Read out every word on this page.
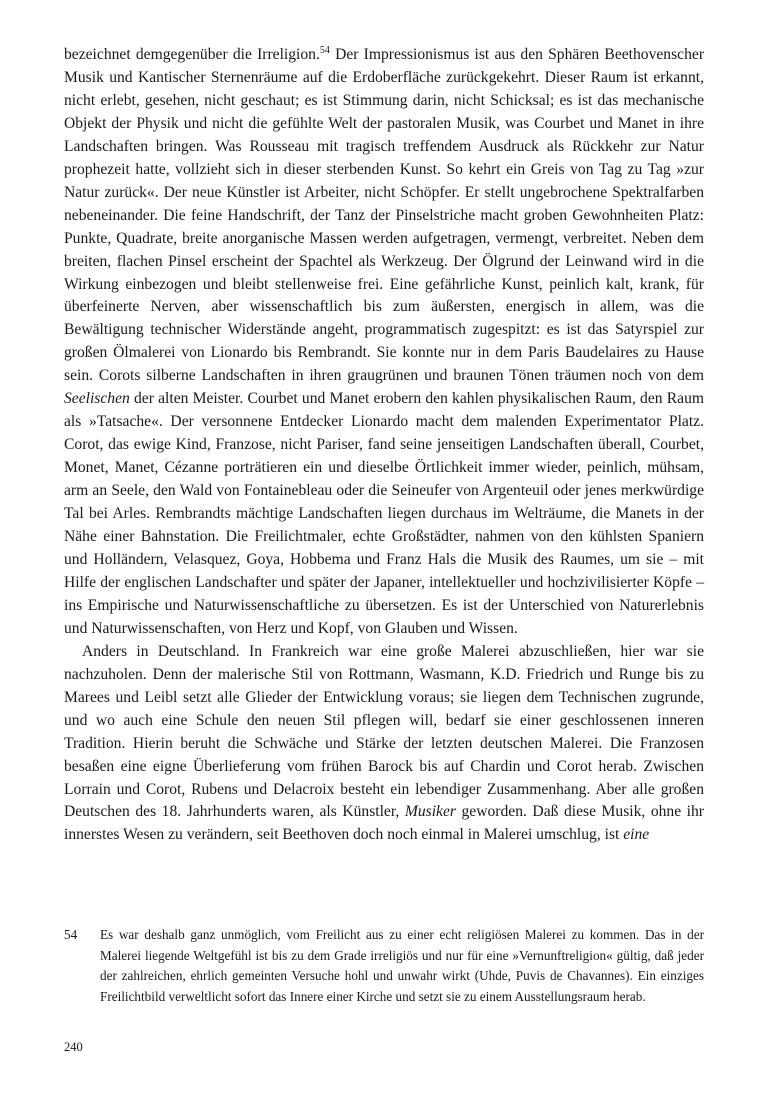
bezeichnet demgegenüber die Irreligion.$^{54}$ Der Impressionismus ist aus den Sphären Beethovenscher Musik und Kantischer Sternenräume auf die Erdoberfläche zurückgekehrt. Dieser Raum ist erkannt, nicht erlebt, gesehen, nicht geschaut; es ist Stimmung darin, nicht Schicksal; es ist das mechanische Objekt der Physik und nicht die gefühlte Welt der pastoralen Musik, was Courbet und Manet in ihre Landschaften bringen. Was Rousseau mit tragisch treffendem Ausdruck als Rückkehr zur Natur prophezeit hatte, vollzieht sich in dieser sterbenden Kunst. So kehrt ein Greis von Tag zu Tag »zur Natur zurück«. Der neue Künstler ist Arbeiter, nicht Schöpfer. Er stellt ungebrochene Spektralfarben nebeneinander. Die feine Handschrift, der Tanz der Pinselstriche macht groben Gewohnheiten Platz: Punkte, Quadrate, breite anorganische Massen werden aufgetragen, vermengt, verbreitet. Neben dem breiten, flachen Pinsel erscheint der Spachtel als Werkzeug. Der Ölgrund der Leinwand wird in die Wirkung einbezogen und bleibt stellenweise frei. Eine gefährliche Kunst, peinlich kalt, krank, für überfeinerte Nerven, aber wissenschaftlich bis zum äußersten, energisch in allem, was die Bewältigung technischer Widerstände angeht, programmatisch zugespitzt: es ist das Satyrspiel zur großen Ölmalerei von Lionardo bis Rembrandt. Sie konnte nur in dem Paris Baudelaires zu Hause sein. Corots silberne Landschaften in ihren graugrünen und braunen Tönen träumen noch von dem Seelischen der alten Meister. Courbet und Manet erobern den kahlen physikalischen Raum, den Raum als »Tatsache«. Der versonnene Entdecker Lionardo macht dem malenden Experimentator Platz. Corot, das ewige Kind, Franzose, nicht Pariser, fand seine jenseitigen Landschaften überall, Courbet, Monet, Manet, Cézanne porträtieren ein und dieselbe Örtlichkeit immer wieder, peinlich, mühsam, arm an Seele, den Wald von Fontainebleau oder die Seineufer von Argenteuil oder jenes merkwürdige Tal bei Arles. Rembrandts mächtige Landschaften liegen durchaus im Welträume, die Manets in der Nähe einer Bahnstation. Die Freilichtmaler, echte Großstädter, nahmen von den kühlsten Spaniern und Holländern, Velasquez, Goya, Hobbema und Franz Hals die Musik des Raumes, um sie – mit Hilfe der englischen Landschafter und später der Japaner, intellektueller und hochzivilisierter Köpfe – ins Empirische und Naturwissenschaftliche zu übersetzen. Es ist der Unterschied von Naturerlebnis und Naturwissenschaften, von Herz und Kopf, von Glauben und Wissen.

Anders in Deutschland. In Frankreich war eine große Malerei abzuschließen, hier war sie nachzuholen. Denn der malerische Stil von Rottmann, Wasmann, K.D. Friedrich und Runge bis zu Marees und Leibl setzt alle Glieder der Entwicklung voraus; sie liegen dem Technischen zugrunde, und wo auch eine Schule den neuen Stil pflegen will, bedarf sie einer geschlossenen inneren Tradition. Hierin beruht die Schwäche und Stärke der letzten deutschen Malerei. Die Franzosen besaßen eine eigne Überlieferung vom frühen Barock bis auf Chardin und Corot herab. Zwischen Lorrain und Corot, Rubens und Delacroix besteht ein lebendiger Zusammenhang. Aber alle großen Deutschen des 18. Jahrhunderts waren, als Künstler, Musiker geworden. Daß diese Musik, ohne ihr innerstes Wesen zu verändern, seit Beethoven doch noch einmal in Malerei umschlug, ist eine

54	Es war deshalb ganz unmöglich, vom Freilicht aus zu einer echt religiösen Malerei zu kommen. Das in der Malerei liegende Weltgefühl ist bis zu dem Grade irreligiös und nur für eine »Vernunftreligion« gültig, daß jeder der zahlreichen, ehrlich gemeinten Versuche hohl und unwahr wirkt (Uhde, Puvis de Chavannes). Ein einziges Freilichtbild verweltlicht sofort das Innere einer Kirche und setzt sie zu einem Ausstellungsraum herab.
240
